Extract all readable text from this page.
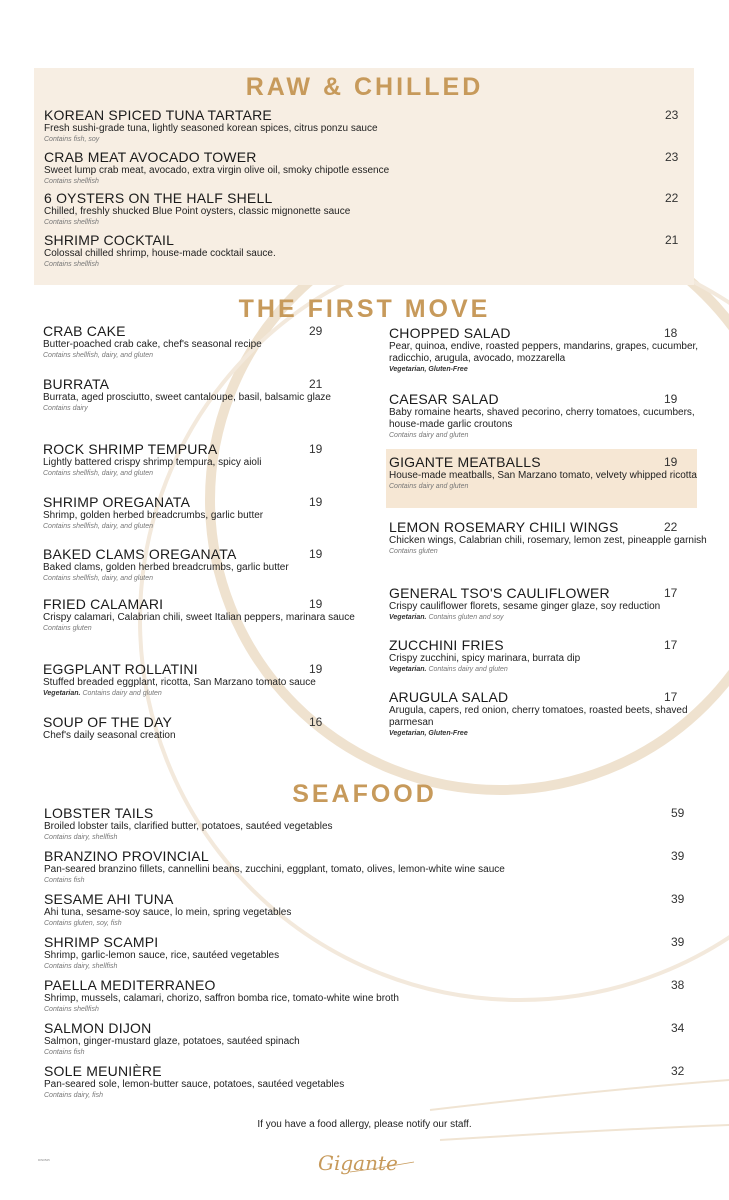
RAW & CHILLED
THE FIRST MOVE
SEAFOOD
KOREAN SPICED TUNA TARTARE
Fresh sushi-grade tuna, lightly seasoned korean spices, citrus ponzu sauce
Contains fish, soy
23
CRAB MEAT AVOCADO TOWER
Sweet lump crab meat, avocado, extra virgin olive oil, smoky chipotle essence
Contains shellfish
23
6 OYSTERS ON THE HALF SHELL
Chilled, freshly shucked Blue Point oysters, classic mignonette sauce
Contains shellfish
22
SHRIMP COCKTAIL
Colossal chilled shrimp, house-made cocktail sauce.
Contains shellfish
21
CRAB CAKE
Butter-poached crab cake, chef's seasonal recipe
Contains shellfish, dairy, and gluten
29
BURRATA
Burrata, aged prosciutto, sweet cantaloupe, basil, balsamic glaze
Contains dairy
21
ROCK SHRIMP TEMPURA
Lightly battered crispy shrimp tempura, spicy aioli
Contains shellfish, dairy, and gluten
19
SHRIMP OREGANATA
Shrimp, golden herbed breadcrumbs, garlic butter
Contains shellfish, dairy, and gluten
19
BAKED CLAMS OREGANATA
Baked clams, golden herbed breadcrumbs, garlic butter
Contains shellfish, dairy, and gluten
19
FRIED CALAMARI
Crispy calamari, Calabrian chili, sweet Italian peppers, marinara sauce
Contains gluten
19
EGGPLANT ROLLATINI
Stuffed breaded eggplant, ricotta, San Marzano tomato sauce
Vegetarian. Contains dairy and gluten
19
SOUP OF THE DAY
Chef's daily seasonal creation
16
CHOPPED SALAD
Pear, quinoa, endive, roasted peppers, mandarins, grapes, cucumber, radicchio, arugula, avocado, mozzarella
Vegetarian, Gluten-Free
18
CAESAR SALAD
Baby romaine hearts, shaved pecorino, cherry tomatoes, cucumbers, house-made garlic croutons
Contains dairy and gluten
19
GIGANTE MEATBALLS
House-made meatballs, San Marzano tomato, velvety whipped ricotta
Contains dairy and gluten
19
LEMON ROSEMARY CHILI WINGS
Chicken wings, Calabrian chili, rosemary, lemon zest, pineapple garnish
Contains gluten
22
GENERAL TSO'S CAULIFLOWER
Crispy cauliflower florets, sesame ginger glaze, soy reduction
Vegetarian. Contains gluten and soy
17
ZUCCHINI FRIES
Crispy zucchini, spicy marinara, burrata dip
Vegetarian. Contains dairy and gluten
17
ARUGULA SALAD
Arugula, capers, red onion, cherry tomatoes, roasted beets, shaved parmesan
Vegetarian, Gluten-Free
17
LOBSTER TAILS
Broiled lobster tails, clarified butter, potatoes, sautéed vegetables
Contains dairy, shellfish
59
BRANZINO PROVINCIAL
Pan-seared branzino fillets, cannellini beans, zucchini, eggplant, tomato, olives, lemon-white wine sauce
Contains fish
39
SESAME AHI TUNA
Ahi tuna, sesame-soy sauce, lo mein, spring vegetables
Contains gluten, soy, fish
39
SHRIMP SCAMPI
Shrimp, garlic-lemon sauce, rice, sautéed vegetables
Contains dairy, shellfish
39
PAELLA MEDITERRANEO
Shrimp, mussels, calamari, chorizo, saffron bomba rice, tomato-white wine broth
Contains shellfish
38
SALMON DIJON
Salmon, ginger-mustard glaze, potatoes, sautéed spinach
Contains fish
34
SOLE MEUNIÈRE
Pan-seared sole, lemon-butter sauce, potatoes, sautéed vegetables
Contains dairy, fish
32
If you have a food allergy, please notify our staff.
DIN0525	Gigante
